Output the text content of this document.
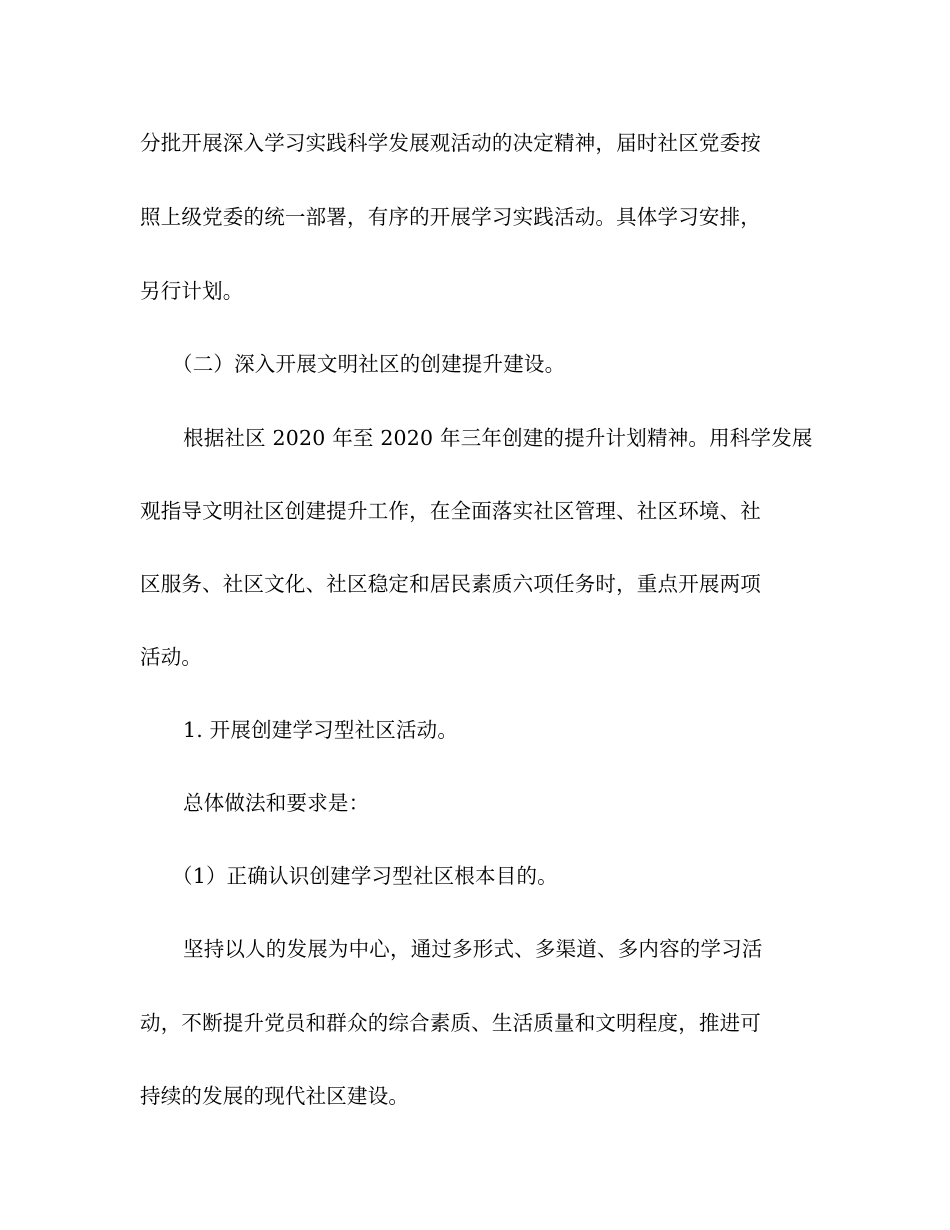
分批开展深入学习实践科学发展观活动的决定精神，届时社区党委按
照上级党委的统一部署，有序的开展学习实践活动。具体学习安排，
另行计划。
（二）深入开展文明社区的创建提升建设。
根据社区 2020 年至 2020 年三年创建的提升计划精神。用科学发展
观指导文明社区创建提升工作，在全面落实社区管理、社区环境、社
区服务、社区文化、社区稳定和居民素质六项任务时，重点开展两项
活动。
1. 开展创建学习型社区活动。
总体做法和要求是：
（1）正确认识创建学习型社区根本目的。
坚持以人的发展为中心，通过多形式、多渠道、多内容的学习活
动，不断提升党员和群众的综合素质、生活质量和文明程度，推进可
持续的发展的现代社区建设。
